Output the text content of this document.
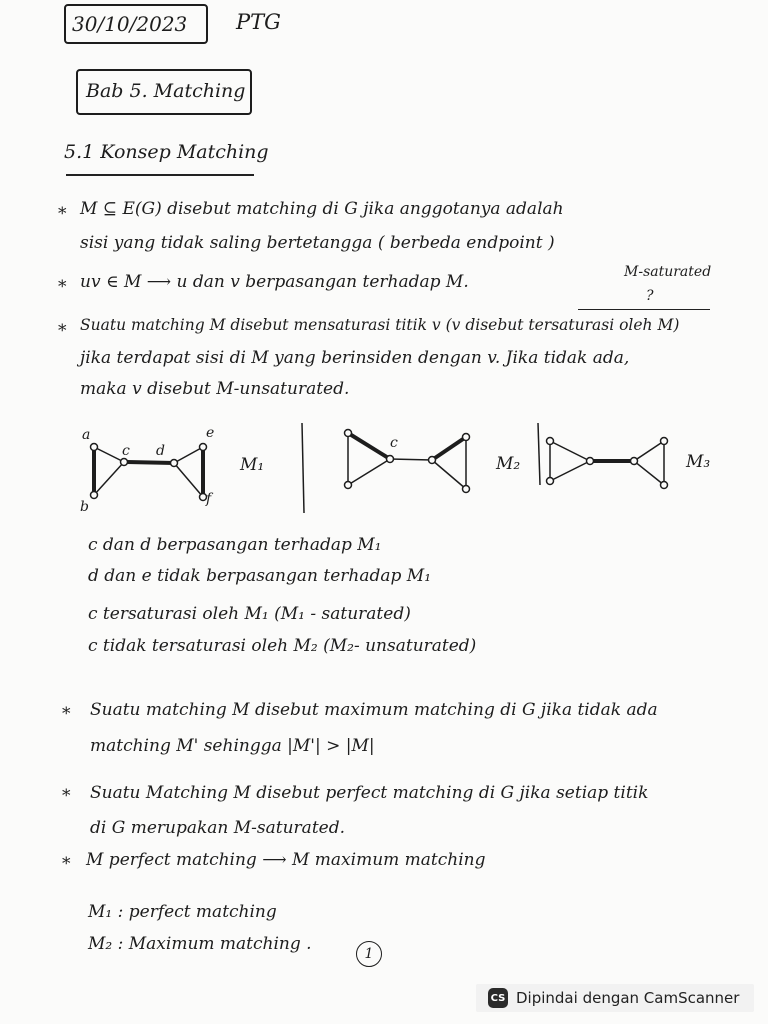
30/10/2023 PTG
Bab 5. Matching
5.1 Konsep Matching
* M ⊆ E(G) disebut matching di G jika anggotanya adalah
sisi yang tidak saling bertetangga ( berbeda endpoint )
* uv ∈ M ⟶ u dan v berpasangan terhadap M.	M-saturated
?
* Suatu matching M disebut mensaturasi titik v (v disebut tersaturasi oleh M)
jika terdapat sisi di M yang berinsiden dengan v. Jika tidak ada,
maka v disebut M-unsaturated.
a
b
c d
e
f
M₁
c
M₂	M₃
c dan d berpasangan terhadap M₁
d dan e tidak berpasangan terhadap M₁
c tersaturasi oleh M₁ (M₁ - saturated)
c tidak tersaturasi oleh M₂ (M₂- unsaturated)
* Suatu matching M disebut maximum matching di G jika tidak ada
matching M' sehingga |M'| > |M|
* Suatu Matching M disebut perfect matching di G jika setiap titik
di G merupakan M-saturated.
* M perfect matching ⟶ M maximum matching
M₁ : perfect matching
M₂ : Maximum matching .	1
CS Dipindai dengan CamScanner
